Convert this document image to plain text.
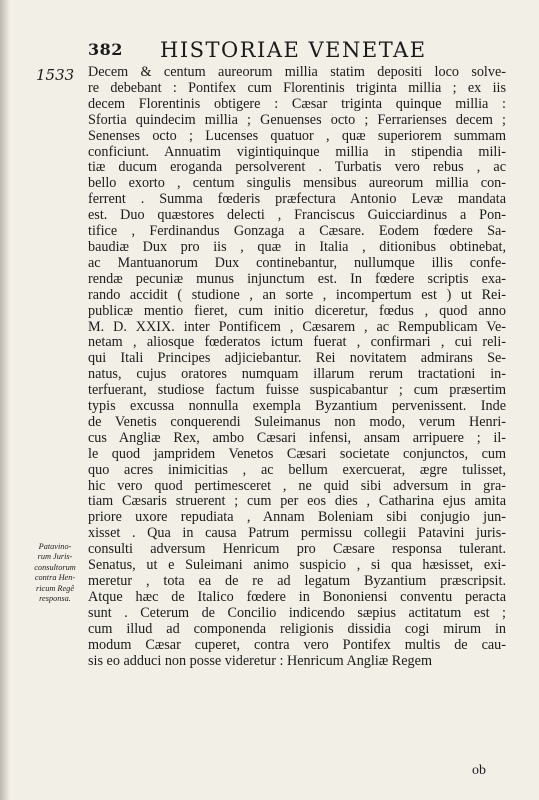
382 HISTORIAE VENETAE
1533 Decem & centum aureorum millia statim depositi loco solve-
re debebant : Pontifex cum Florentinis triginta millia ; ex iis
decem Florentinis obtigere : Cæsar triginta quinque millia :
Sfortia quindecim millia ; Genuenses octo ; Ferrarienses decem ;
Senenses octo ; Lucenses quatuor , quæ superiorem summam
conficiunt. Annuatim vigintiquinque millia in stipendia mili-
tiæ ducum eroganda persolverent . Turbatis vero rebus , ac
bello exorto , centum singulis mensibus aureorum millia con-
ferrent . Summa fœderis præfectura Antonio Levæ mandata
est. Duo quæstores delecti , Franciscus Guicciardinus a Pon-
tifice , Ferdinandus Gonzaga a Cæsare. Eodem fœdere Sa-
baudiæ Dux pro iis , quæ in Italia , ditionibus obtinebat,
ac Mantuanorum Dux continebantur, nullumque illis confe-
rendæ pecuniæ munus injunctum est. In fœdere scriptis exa-
rando accidit ( studione , an sorte , incompertum est ) ut Rei-
publicæ mentio fieret, cum initio diceretur, fœdus , quod anno
M. D. XXIX. inter Pontificem , Cæsarem , ac Rempublicam Ve-
netam , aliosque fœderatos ictum fuerat , confirmari , cui reli-
qui Itali Principes adjiciebantur. Rei novitatem admirans Se-
natus, cujus oratores numquam illarum rerum tractationi in-
terfuerant, studiose factum fuisse suspicabantur ; cum præsertim
typis excussa nonnulla exempla Byzantium pervenissent. Inde
de Venetis conquerendi Suleimanus non modo, verum Henri-
cus Angliæ Rex, ambo Cæsari infensi, ansam arripuere ; il-
le quod jampridem Venetos Cæsari societate conjunctos, cum
quo acres inimicitias , ac bellum exercuerat, ægre tulisset,
hic vero quod pertimesceret , ne quid sibi adversum in gra-
tiam Cæsaris struerent ; cum per eos dies , Catharina ejus amita
priore uxore repudiata , Annam Boleniam sibi conjugio jun-
xisset . Qua in causa Patrum permissu collegii Patavini juris-
consulti adversum Henricum pro Cæsare responsa tulerant.
Senatus, ut e Suleimani animo suspicio , si qua hæsisset, exi-
meretur , tota ea de re ad legatum Byzantium præscripsit.
Atque hæc de Italico fœdere in Bononiensi conventu peracta
sunt . Ceterum de Concilio indicendo sæpius actitatum est ;
cum illud ad componenda religionis dissidia cogi mirum in
modum Cæsar cuperet, contra vero Pontifex multis de cau-
sis eo adduci non posse videretur : Henricum Angliæ Regem
Patavino-
rum Juris-
consultorum
contra Hen-
ricum Regê
responsa.
ob
